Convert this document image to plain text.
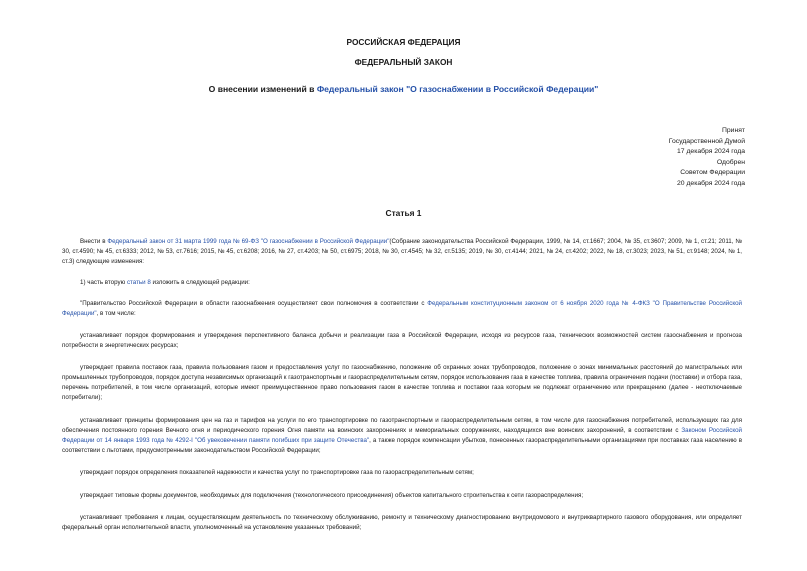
РОССИЙСКАЯ ФЕДЕРАЦИЯ
ФЕДЕРАЛЬНЫЙ ЗАКОН
О внесении изменений в Федеральный закон "О газоснабжении в Российской Федерации"
Принят
Государственной Думой
17 декабря 2024 года
Одобрен
Советом Федерации
20 декабря 2024 года
Статья 1

Внести в Федеральный закон от 31 марта 1999 года № 69-ФЗ "О газоснабжении в Российской Федерации"(Собрание законодательства Российской Федерации, 1999, № 14, ст.1667; 2004, № 35, ст.3607; 2009, № 1, ст.21; 2011, № 30, ст.4590; № 45, ст.6333; 2012, № 53, ст.7616; 2015, № 45, ст.6208; 2016, № 27, ст.4203; № 50, ст.6975; 2018, № 30, ст.4545; № 32, ст.5135; 2019, № 30, ст.4144; 2021, № 24, ст.4202; 2022, № 18, ст.3023; 2023, № 51, ст.9148; 2024, № 1, ст.3) следующие изменения:

1) часть вторую статьи 8 изложить в следующей редакции:

"Правительство Российской Федерации в области газоснабжения осуществляет свои полномочия в соответствии с Федеральным конституционным законом от 6 ноября 2020 года № 4-ФКЗ "О Правительстве Российской Федерации", в том числе:

устанавливает порядок формирования и утверждения перспективного баланса добычи и реализации газа в Российской Федерации, исходя из ресурсов газа, технических возможностей систем газоснабжения и прогноза потребности в энергетических ресурсах;

утверждает правила поставок газа, правила пользования газом и предоставления услуг по газоснабжению, положение об охранных зонах трубопроводов, положение о зонах минимальных расстояний до магистральных или промышленных трубопроводов, порядок доступа независимых организаций к газотранспортным и газораспределительным сетям, порядок использования газа в качестве топлива, правила ограничения подачи (поставки) и отбора газа, перечень потребителей, в том числе организаций, которые имеют преимущественное право пользования газом в качестве топлива и поставки газа которым не подлежат ограничению или прекращению (далее - неотключаемые потребители);

устанавливает принципы формирования цен на газ и тарифов на услуги по его транспортировке по газотранспортным и газораспределительным сетям, в том числе для газоснабжения потребителей, использующих газ для обеспечения постоянного горения Вечного огня и периодического горения Огня памяти на воинских захоронениях и мемориальных сооружениях, находящихся вне воинских захоронений, в соответствии с Законом Российской Федерации от 14 января 1993 года № 4292-I "Об увековечении памяти погибших при защите Отечества", а также порядок компенсации убытков, понесенных газораспределительными организациями при поставках газа населению в соответствии с льготами, предусмотренными законодательством Российской Федерации;

утверждает порядок определения показателей надежности и качества услуг по транспортировке газа по газораспределительным сетям;

утверждает типовые формы документов, необходимых для подключения (технологического присоединения) объектов капитального строительства к сети газораспределения;

устанавливает требования к лицам, осуществляющим деятельность по техническому обслуживанию, ремонту и техническому диагностированию внутридомового и внутриквартирного газового оборудования, или определяет федеральный орган исполнительной власти, уполномоченный на установление указанных требований;
